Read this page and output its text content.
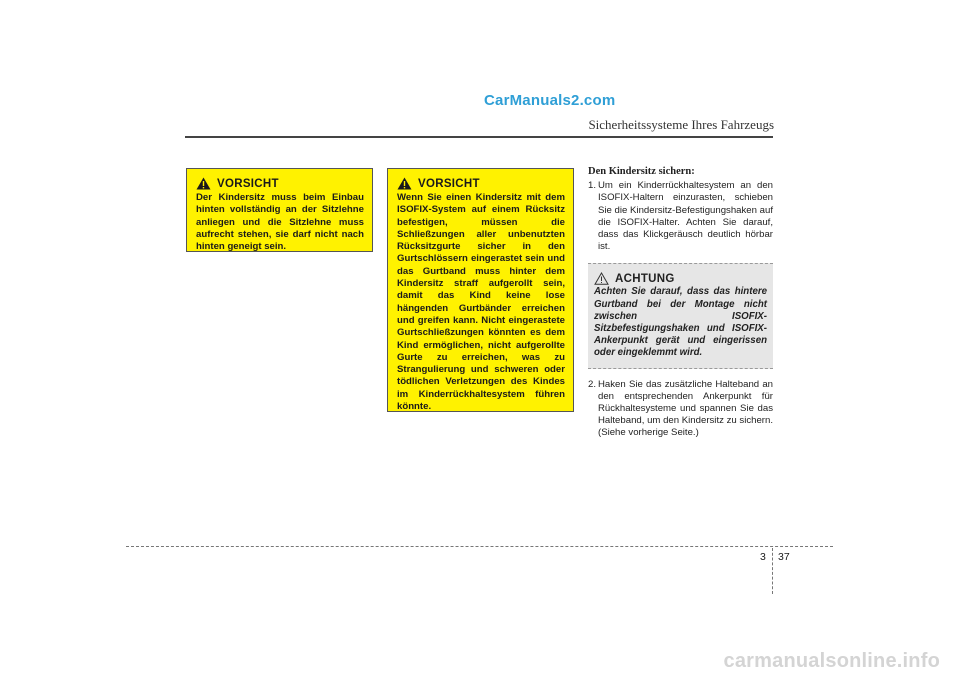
CarManuals2.com
Sicherheitssysteme Ihres Fahrzeugs
VORSICHT

Der Kindersitz muss beim Einbau hinten vollständig an der Sitzlehne anliegen und die Sitzlehne muss aufrecht stehen, sie darf nicht nach hinten geneigt sein.

VORSICHT

Wenn Sie einen Kindersitz mit dem ISOFIX-System auf einem Rücksitz befestigen, müssen die Schließzungen aller unbenutzten Rücksitzgurte sicher in den Gurtschlössern eingerastet sein und das Gurtband muss hinter dem Kindersitz straff aufgerollt sein, damit das Kind keine lose hängenden Gurtbänder erreichen und greifen kann. Nicht eingerastete Gurtschließzungen könnten es dem Kind ermöglichen, nicht aufgerollte Gurte zu erreichen, was zu Strangulierung und schweren oder tödlichen Verletzungen des Kindes im Kinderrückhaltesystem führen könnte.

Den Kindersitz sichern:
1. Um ein Kinderrückhaltesystem an den ISOFIX-Haltern einzurasten, schieben Sie die Kindersitz-Befestigungshaken auf die ISOFIX-Halter. Achten Sie darauf, dass das Klickgeräusch deutlich hörbar ist.
ACHTUNG

Achten Sie darauf, dass das hintere Gurtband bei der Montage nicht zwischen ISOFIX-Sitzbefestigungshaken und ISOFIX-Ankerpunkt gerät und eingerissen oder eingeklemmt wird.

2. Haken Sie das zusätzliche Halteband an den entsprechenden Ankerpunkt für Rückhaltesysteme und spannen Sie das Halteband, um den Kindersitz zu sichern. (Siehe vorherige Seite.)
3 37
carmanualsonline.info
